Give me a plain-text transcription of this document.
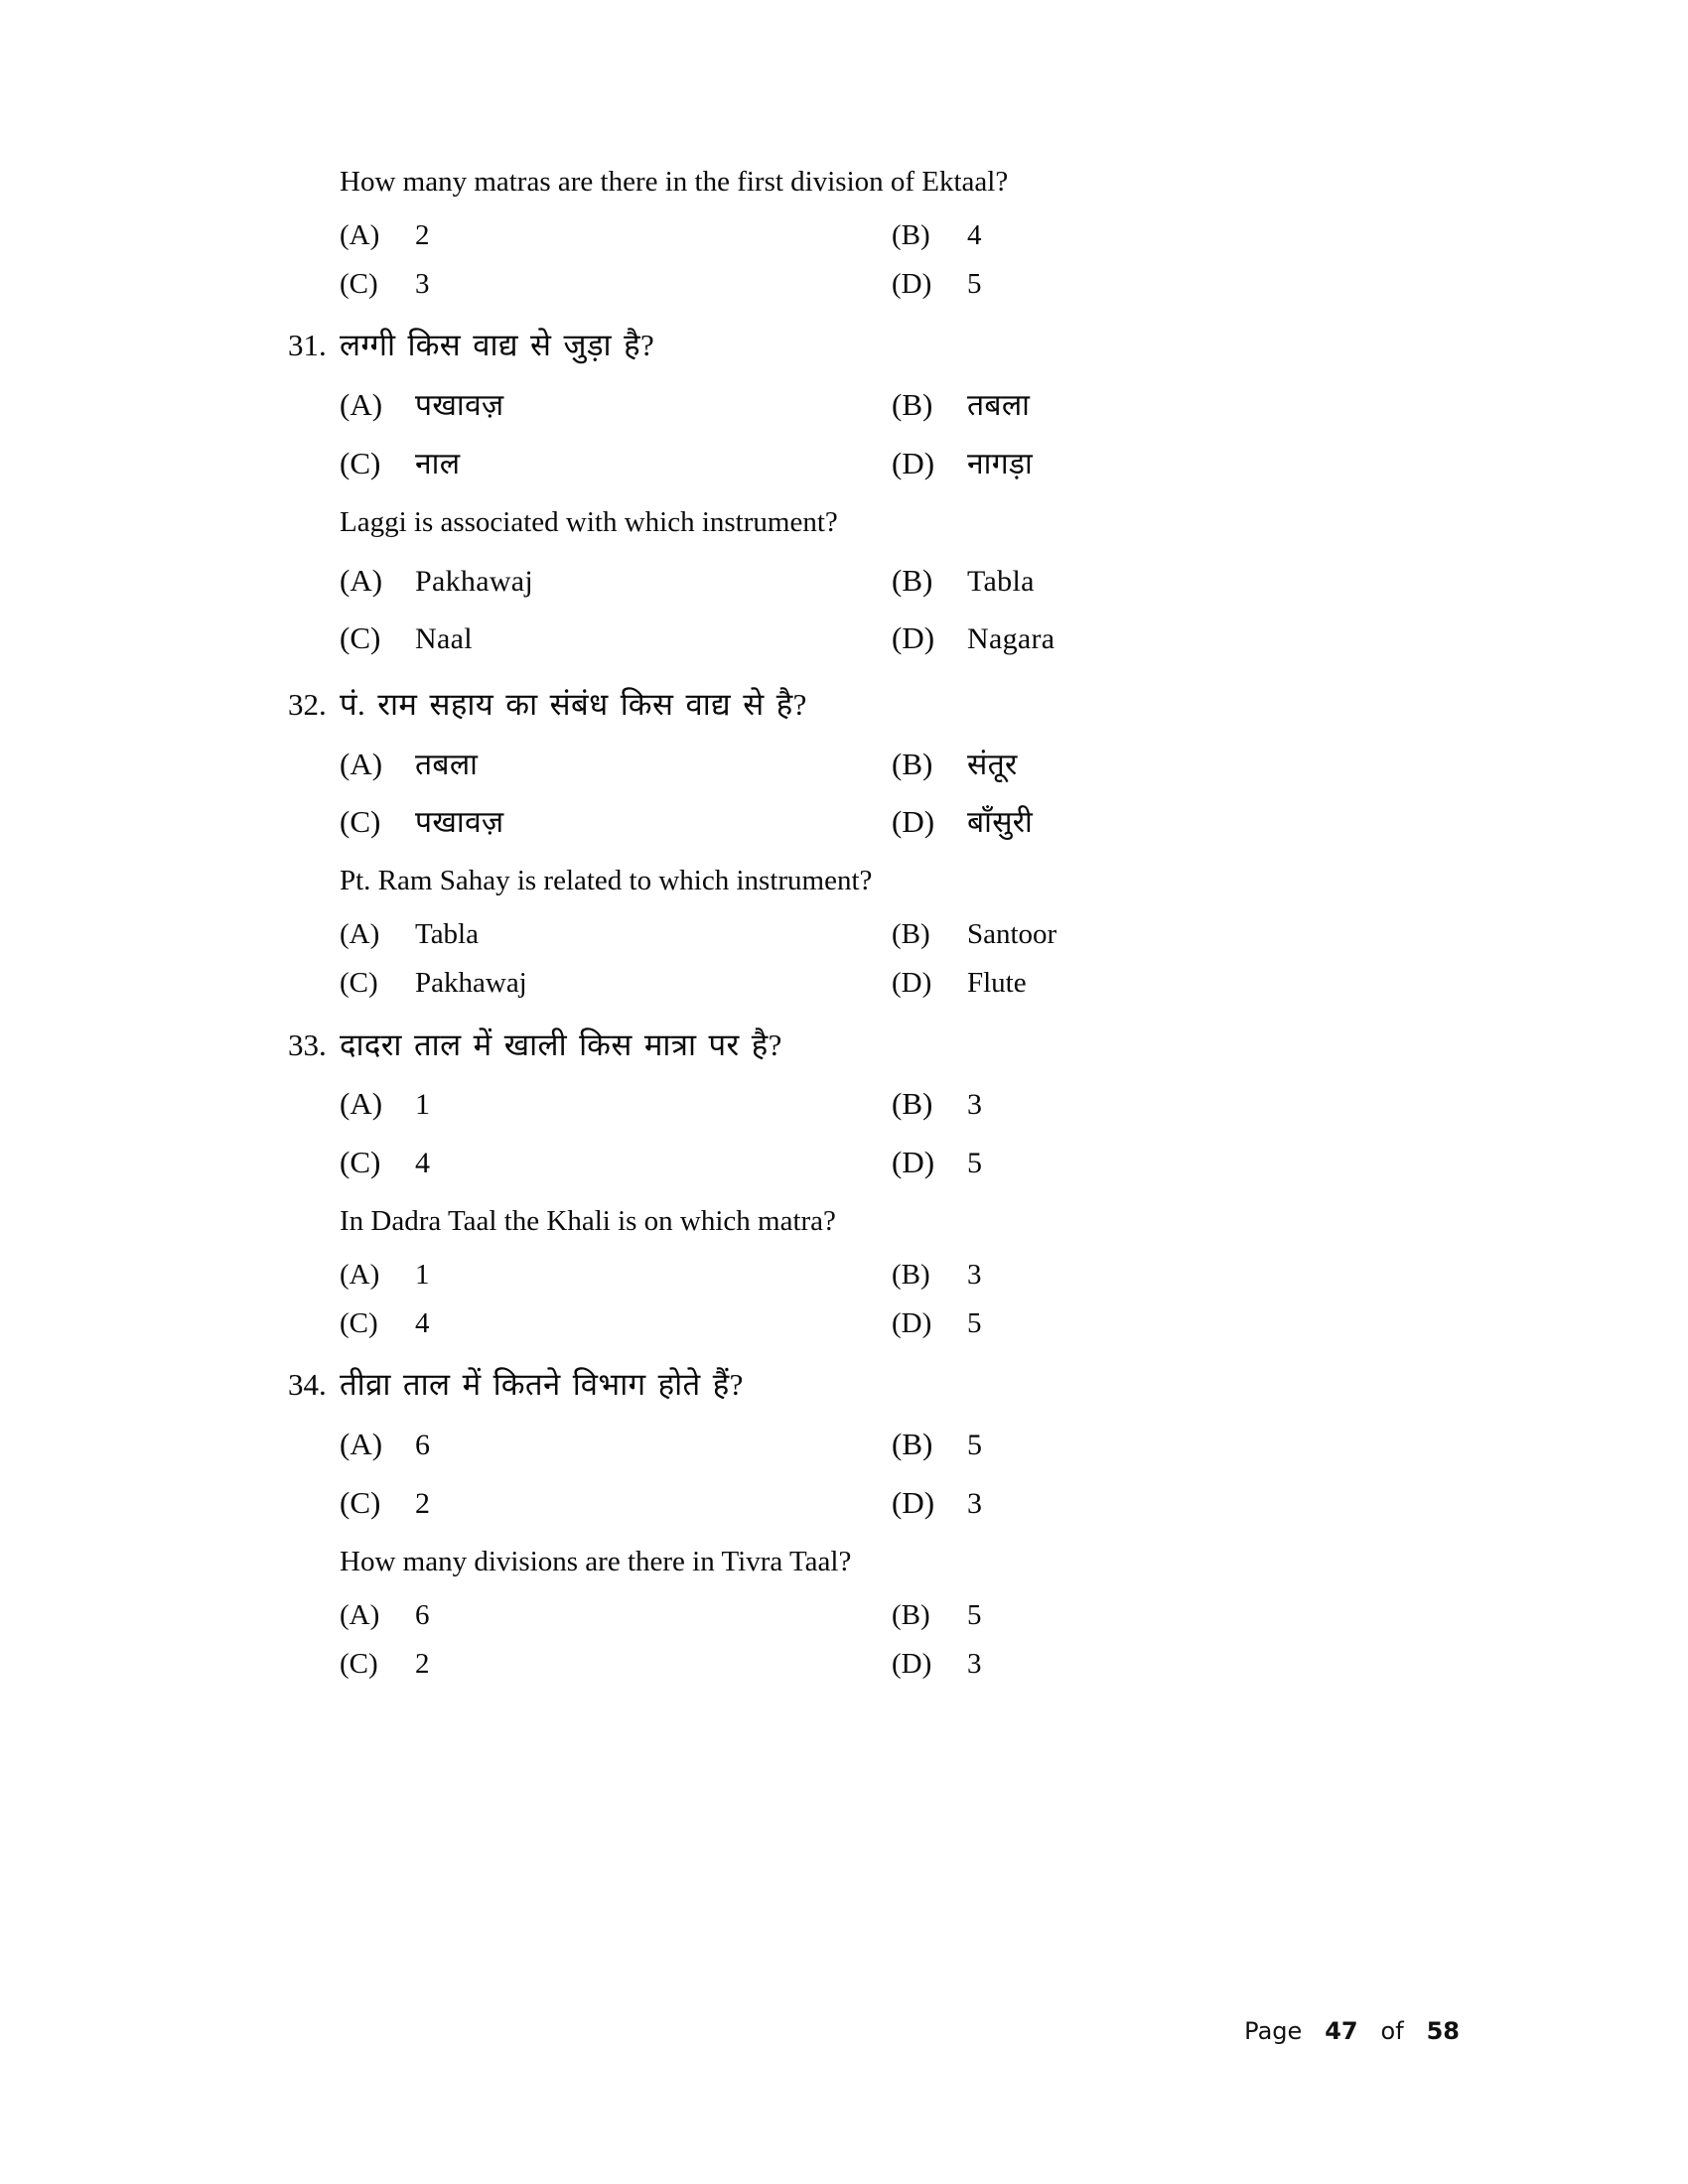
How many matras are there in the first division of Ektaal?
(A)	2	(B)	4
(C)	3	(D)	5
31. लग्गी किस वाद्य से जुड़ा है?
(A)	पखावज़	(B)	तबला
(C)	नाल	(D)	नागड़ा
Laggi is associated with which instrument?
(A)	Pakhawaj	(B)	Tabla
(C)	Naal	(D)	Nagara
32. पं. राम सहाय का संबंध किस वाद्य से है?
(A)	तबला	(B)	संतूर
(C)	पखावज़	(D)	बाँसुरी
Pt. Ram Sahay is related to which instrument?
(A)	Tabla	(B)	Santoor
(C)	Pakhawaj	(D)	Flute
33. दादरा ताल में खाली किस मात्रा पर है?
(A)	1	(B)	3
(C)	4	(D)	5
In Dadra Taal the Khali is on which matra?
(A)	1	(B)	3
(C)	4	(D)	5
34. तीव्रा ताल में कितने विभाग होते हैं?
(A)	6	(B)	5
(C)	2	(D)	3
How many divisions are there in Tivra Taal?
(A)	6	(B)	5
(C)	2	(D)	3
Page 47 of 58
